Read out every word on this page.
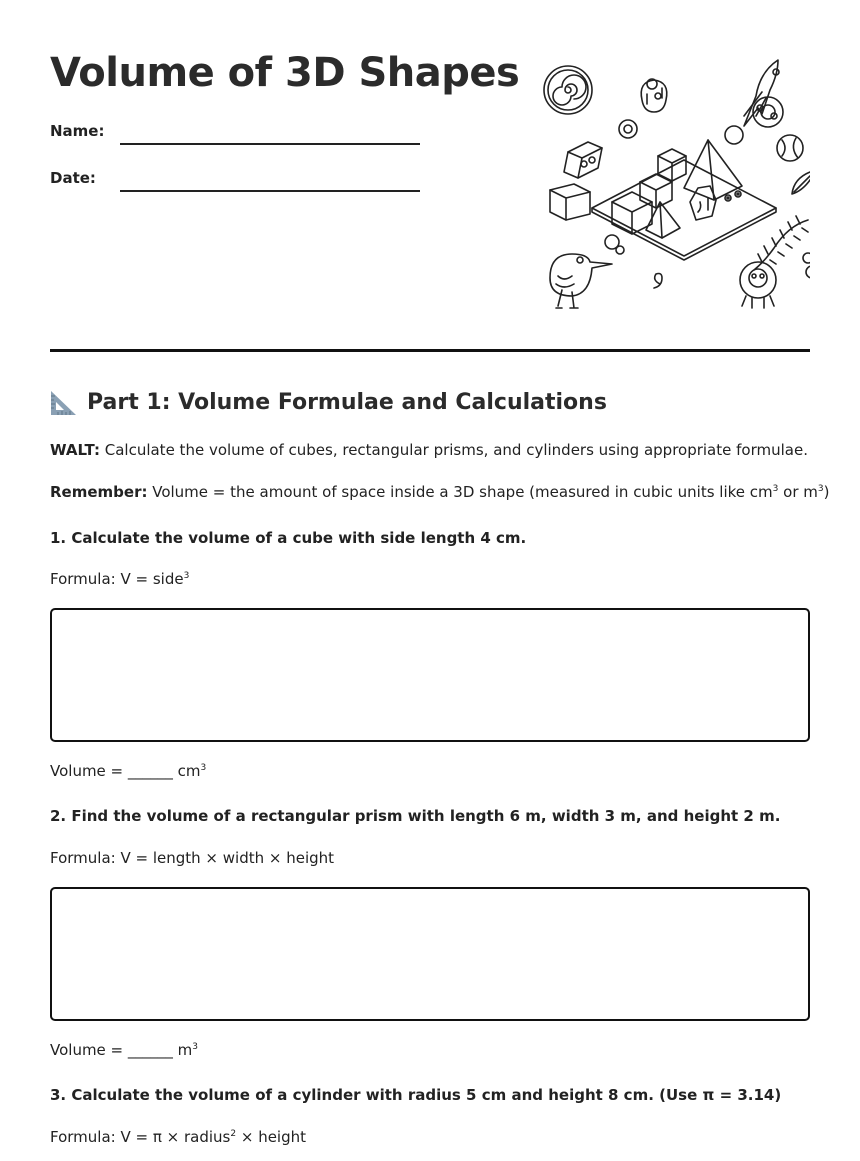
Volume of 3D Shapes
Name:
Date:
Part 1: Volume Formulae and Calculations
WALT: Calculate the volume of cubes, rectangular prisms, and cylinders using appropriate formulae.
Remember: Volume = the amount of space inside a 3D shape (measured in cubic units like $cm^3$ or $m^3$)
1. Calculate the volume of a cube with side length 4 cm.
Formula: V = side$^3$
Volume = ______ $cm^3$
2. Find the volume of a rectangular prism with length 6 m, width 3 m, and height 2 m.
Formula: V = length × width × height
Volume = ______ $m^3$
3. Calculate the volume of a cylinder with radius 5 cm and height 8 cm. (Use π = 3.14)
Formula: V = π × radius$^2$ × height
